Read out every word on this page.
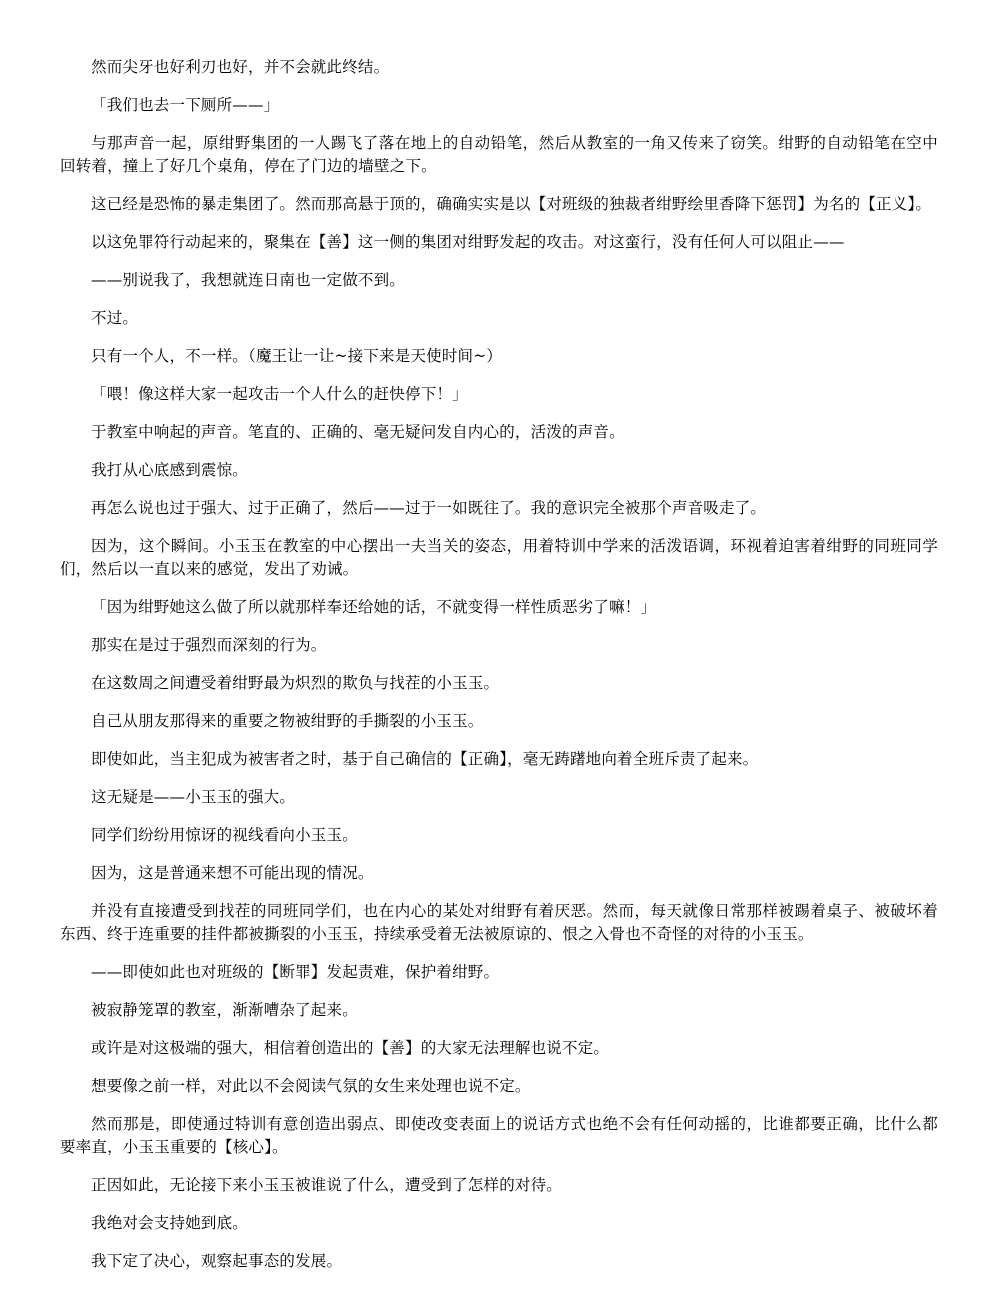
然而尖牙也好利刃也好，并不会就此终结。

「我们也去一下厕所——」

与那声音一起，原绀野集团的一人踢飞了落在地上的自动铅笔，然后从教室的一角又传来了窃笑。绀野的自动铅笔在空中回转着，撞上了好几个桌角，停在了门边的墙壁之下。

这已经是恐怖的暴走集团了。然而那高悬于顶的，确确实实是以【对班级的独裁者绀野绘里香降下惩罚】为名的【正义】。

以这免罪符行动起来的，聚集在【善】这一侧的集团对绀野发起的攻击。对这蛮行，没有任何人可以阻止——

——别说我了，我想就连日南也一定做不到。

不过。

只有一个人，不一样。（魔王让一让~接下来是天使时间~）

「喂！像这样大家一起攻击一个人什么的赶快停下！」

于教室中响起的声音。笔直的、正确的、毫无疑问发自内心的，活泼的声音。

我打从心底感到震惊。

再怎么说也过于强大、过于正确了，然后——过于一如既往了。我的意识完全被那个声音吸走了。

因为，这个瞬间。小玉玉在教室的中心摆出一夫当关的姿态，用着特训中学来的活泼语调，环视着迫害着绀野的同班同学们，然后以一直以来的感觉，发出了劝诫。

「因为绀野她这么做了所以就那样奉还给她的话，不就变得一样性质恶劣了嘛！」

那实在是过于强烈而深刻的行为。

在这数周之间遭受着绀野最为炽烈的欺负与找茬的小玉玉。

自己从朋友那得来的重要之物被绀野的手撕裂的小玉玉。

即使如此，当主犯成为被害者之时，基于自己确信的【正确】，毫无踌躇地向着全班斥责了起来。

这无疑是——小玉玉的强大。

同学们纷纷用惊讶的视线看向小玉玉。

因为，这是普通来想不可能出现的情况。

并没有直接遭受到找茬的同班同学们，也在内心的某处对绀野有着厌恶。然而，每天就像日常那样被踢着桌子、被破坏着东西、终于连重要的挂件都被撕裂的小玉玉，持续承受着无法被原谅的、恨之入骨也不奇怪的对待的小玉玉。

——即使如此也对班级的【断罪】发起责难，保护着绀野。

被寂静笼罩的教室，渐渐嘈杂了起来。

或许是对这极端的强大，相信着创造出的【善】的大家无法理解也说不定。

想要像之前一样，对此以不会阅读气氛的女生来处理也说不定。

然而那是，即使通过特训有意创造出弱点、即使改变表面上的说话方式也绝不会有任何动摇的，比谁都要正确，比什么都要率直，小玉玉重要的【核心】。

正因如此，无论接下来小玉玉被谁说了什么，遭受到了怎样的对待。

我绝对会支持她到底。

我下定了决心，观察起事态的发展。
